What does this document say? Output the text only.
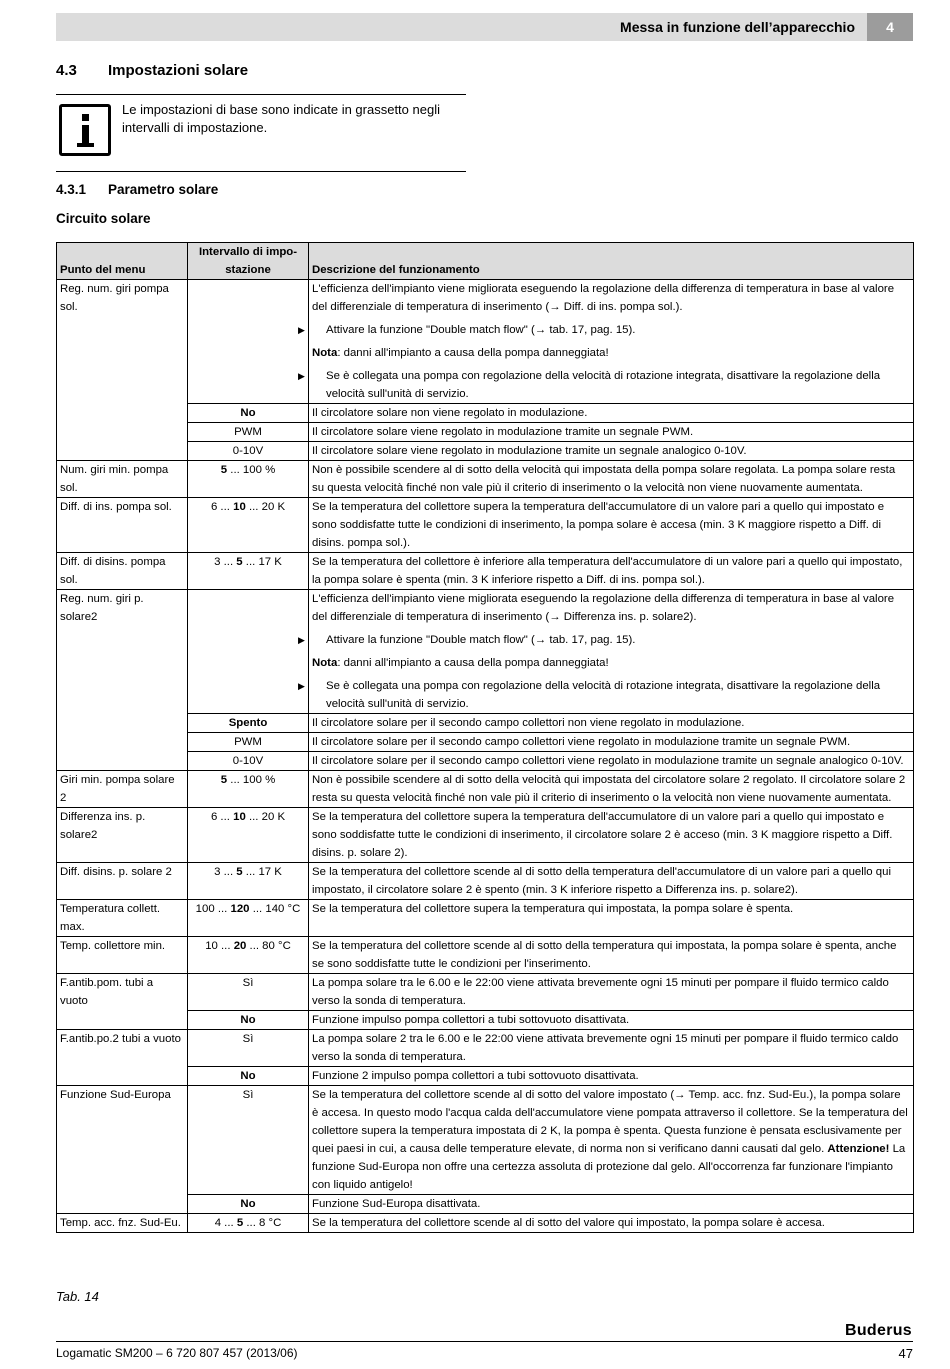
Messa in funzione dell’apparecchio	4
4.3 Impostazioni solare
Le impostazioni di base sono indicate in grassetto negli intervalli di impostazione.
4.3.1 Parametro solare
Circuito solare
Punto del menu	Intervallo di impo- stazione	Descrizione del funzionamento
Reg. num. giri pompa sol.		L'efficienza dell'impianto viene migliorata eseguendo la regolazione della differenza di temperatura in base al valore del differenziale di temperatura di inserimento (→ Diff. di ins. pompa sol.).
▶ Attivare la funzione "Double match flow" (→ tab. 17, pag. 15).
Nota: danni all'impianto a causa della pompa danneggiata!
▶ Se è collegata una pompa con regolazione della velocità di rotazione integrata, disattivare la regolazione della velocità sull'unità di servizio.

	No	Il circolatore solare non viene regolato in modulazione.

	PWM	Il circolatore solare viene regolato in modulazione tramite un segnale PWM.

	0-10V	Il circolatore solare viene regolato in modulazione tramite un segnale analogico 0-10V.

Num. giri min. pompa sol.	5 ... 100 %	Non è possibile scendere al di sotto della velocità qui impostata della pompa solare regolata. La pompa solare resta su questa velocità finché non vale più il criterio di inserimento o la velocità non viene nuovamente aumentata.

Diff. di ins. pompa sol.	6 ... 10 ... 20 K	Se la temperatura del collettore supera la temperatura dell'accumulatore di un valore pari a quello qui impostato e sono soddisfatte tutte le condizioni di inserimento, la pompa solare è accesa (min. 3 K maggiore rispetto a Diff. di disins. pompa sol.).

Diff. di disins. pompa sol.	3 ... 5 ... 17 K	Se la temperatura del collettore è inferiore alla temperatura dell'accumulatore di un valore pari a quello qui impostato, la pompa solare è spenta (min. 3 K inferiore rispetto a Diff. di ins. pompa sol.).

Reg. num. giri p. solare2		L'efficienza dell'impianto viene migliorata eseguendo la regolazione della differenza di temperatura in base al valore del differenziale di temperatura di inserimento (→ Differenza ins. p. solare2).
▶ Attivare la funzione "Double match flow" (→ tab. 17, pag. 15).
Nota: danni all'impianto a causa della pompa danneggiata!
▶ Se è collegata una pompa con regolazione della velocità di rotazione integrata, disattivare la regolazione della velocità sull'unità di servizio.

	Spento	Il circolatore solare per il secondo campo collettori non viene regolato in modulazione.

	PWM	Il circolatore solare per il secondo campo collettori viene regolato in modulazione tramite un segnale PWM.

	0-10V	Il circolatore solare per il secondo campo collettori viene regolato in modulazione tramite un segnale analogico 0-10V.

Giri min. pompa solare 2	5 ... 100 %	Non è possibile scendere al di sotto della velocità qui impostata del circolatore solare 2 regolato. Il circolatore solare 2 resta su questa velocità finché non vale più il criterio di inserimento o la velocità non viene nuovamente aumentata.

Differenza ins. p. solare2	6 ... 10 ... 20 K	Se la temperatura del collettore supera la temperatura dell'accumulatore di un valore pari a quello qui impostato e sono soddisfatte tutte le condizioni di inserimento, il circolatore solare 2 è acceso (min. 3 K maggiore rispetto a Diff. disins. p. solare 2).

Diff. disins. p. solare 2	3 ... 5 ... 17 K	Se la temperatura del collettore scende al di sotto della temperatura dell'accumulatore di un valore pari a quello qui impostato, il circolatore solare 2 è spento (min. 3 K inferiore rispetto a Differenza ins. p. solare2).

Temperatura collett. max.	100 ... 120 ... 140 °C	Se la temperatura del collettore supera la temperatura qui impostata, la pompa solare è spenta.

Temp. collettore min.	10 ... 20 ... 80 °C	Se la temperatura del collettore scende al di sotto della temperatura qui impostata, la pompa solare è spenta, anche se sono soddisfatte tutte le condizioni per l'inserimento.

F.antib.pom. tubi a vuoto	Sì	La pompa solare tra le 6.00 e le 22:00 viene attivata brevemente ogni 15 minuti per pompare il fluido termico caldo verso la sonda di temperatura.

	No	Funzione impulso pompa collettori a tubi sottovuoto disattivata.

F.antib.po.2 tubi a vuoto	Sì	La pompa solare 2 tra le 6.00 e le 22:00 viene attivata brevemente ogni 15 minuti per pompare il fluido termico caldo verso la sonda di temperatura.

	No	Funzione 2 impulso pompa collettori a tubi sottovuoto disattivata.

Funzione Sud-Europa	Sì	Se la temperatura del collettore scende al di sotto del valore impostato (→ Temp. acc. fnz. Sud-Eu.), la pompa solare è accesa. In questo modo l'acqua calda dell'accumulatore viene pompata attraverso il collettore. Se la temperatura del collettore supera la temperatura impostata di 2 K, la pompa è spenta. Questa funzione è pensata esclusivamente per quei paesi in cui, a causa delle temperature elevate, di norma non si verificano danni causati dal gelo. Attenzione! La funzione Sud-Europa non offre una certezza assoluta di protezione dal gelo. All'occorrenza far funzionare l'impianto con liquido antigelo!

	No	Funzione Sud-Europa disattivata.

Temp. acc. fnz. Sud-Eu.	4 ... 5 ... 8 °C	Se la temperatura del collettore scende al di sotto del valore qui impostato, la pompa solare è accesa.
Tab. 14
Buderus
Logamatic SM200 – 6 720 807 457 (2013/06)	47
